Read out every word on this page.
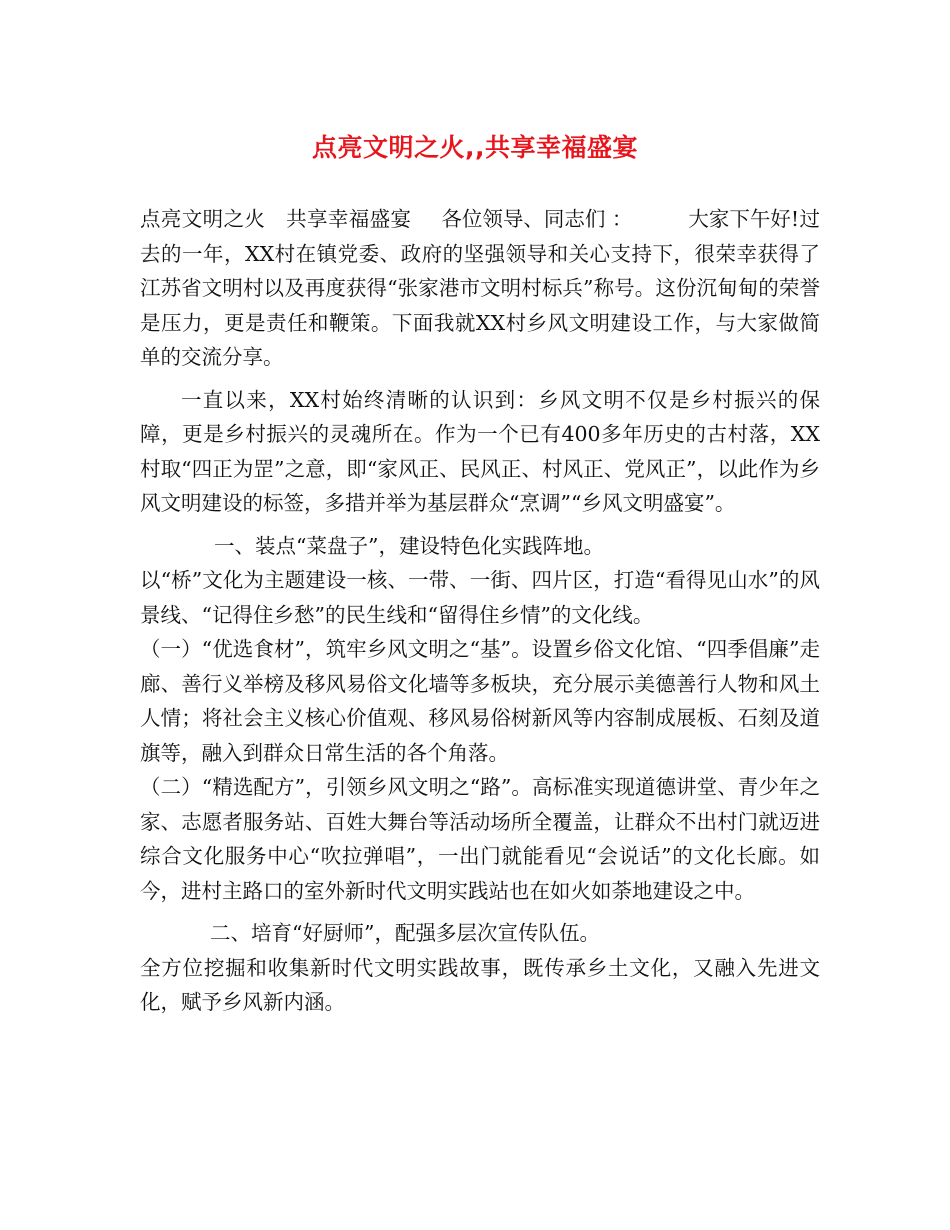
点亮文明之火,,共享幸福盛宴

点亮文明之火　共享幸福盛宴 各位领导、同志们 ：	大家下午好!过去的一年，XX村在镇党委、政府的坚强领导和关心支持下，很荣幸获得了江苏省文明村以及再度获得“张家港市文明村标兵”称号。这份沉甸甸的荣誉是压力，更是责任和鞭策。下面我就XX村乡风文明建设工作，与大家做简单的交流分享。

一直以来，XX村始终清晰的认识到：乡风文明不仅是乡村振兴的保障，更是乡村振兴的灵魂所在。作为一个已有400多年历史的古村落，XX村取“四正为罡”之意，即“家风正、民风正、村风正、党风正”，以此作为乡风文明建设的标签，多措并举为基层群众“烹调”“乡风文明盛宴”。

一、装点“菜盘子”，建设特色化实践阵地。

以“桥”文化为主题建设一核、一带、一街、四片区，打造“看得见山水”的风景线、“记得住乡愁”的民生线和“留得住乡情”的文化线。

（一）“优选食材”，筑牢乡风文明之“基”。设置乡俗文化馆、“四季倡廉”走廊、善行义举榜及移风易俗文化墙等多板块，充分展示美德善行人物和风土人情；将社会主义核心价值观、移风易俗树新风等内容制成展板、石刻及道旗等，融入到群众日常生活的各个角落。

（二）“精选配方”，引领乡风文明之“路”。高标准实现道德讲堂、青少年之家、志愿者服务站、百姓大舞台等活动场所全覆盖，让群众不出村门就迈进综合文化服务中心“吹拉弹唱”，一出门就能看见“会说话”的文化长廊。如今，进村主路口的室外新时代文明实践站也在如火如荼地建设之中。

二、培育“好厨师”，配强多层次宣传队伍。

全方位挖掘和收集新时代文明实践故事，既传承乡土文化，又融入先进文化，赋予乡风新内涵。
